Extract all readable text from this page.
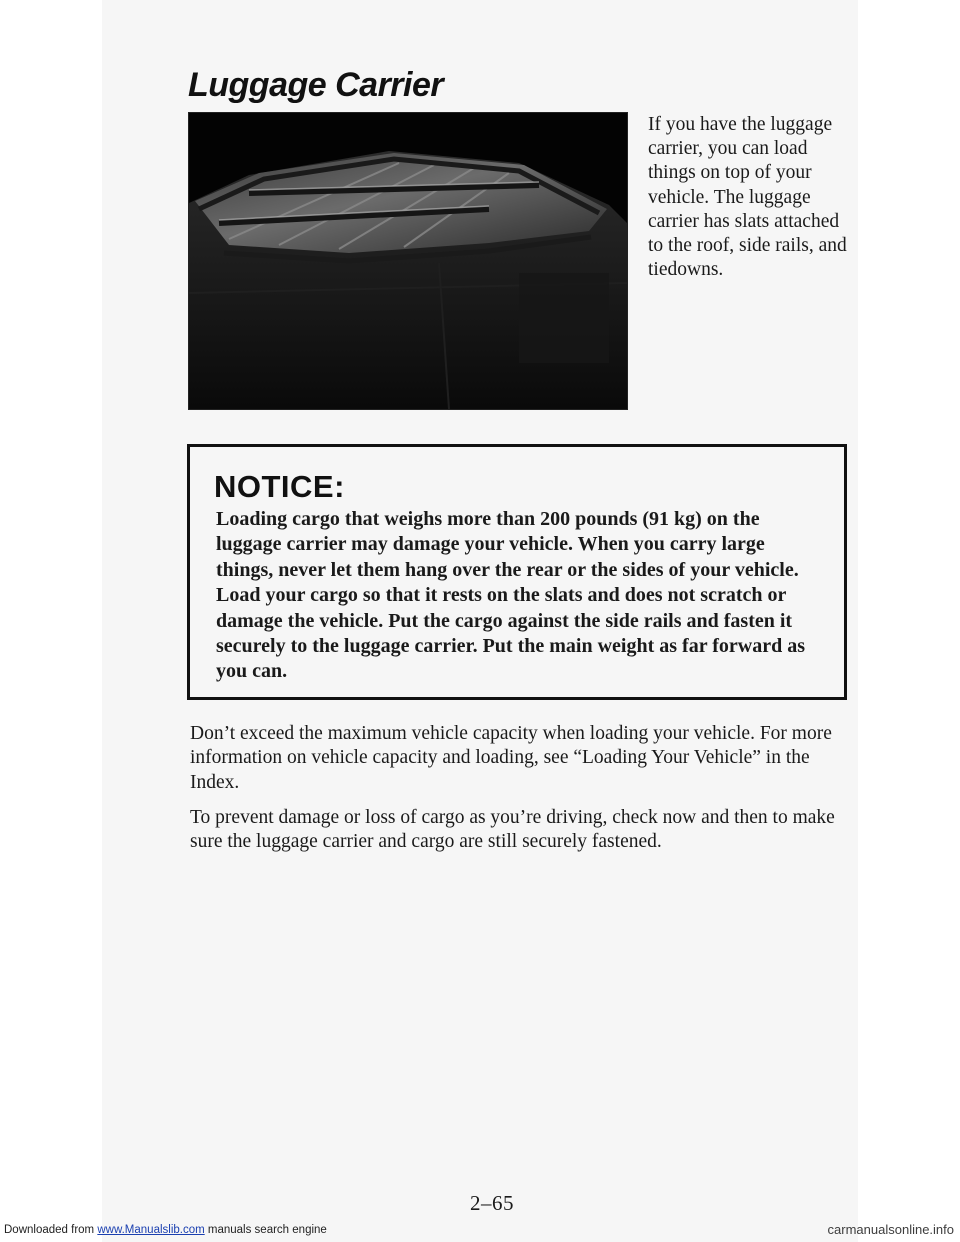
Luggage Carrier

If you have the luggage carrier, you can load things on top of your vehicle. The luggage carrier has slats attached to the roof, side rails, and tiedowns.

NOTICE:

Loading cargo that weighs more than 200 pounds (91 kg) on the luggage carrier may damage your vehicle. When you carry large things, never let them hang over the rear or the sides of your vehicle. Load your cargo so that it rests on the slats and does not scratch or damage the vehicle. Put the cargo against the side rails and fasten it securely to the luggage carrier. Put the main weight as far forward as you can.

Don’t exceed the maximum vehicle capacity when loading your vehicle. For more information on vehicle capacity and loading, see “Loading Your Vehicle” in the Index.

To prevent damage or loss of cargo as you’re driving, check now and then to make sure the luggage carrier and cargo are still securely fastened.

2–65
Downloaded from www.Manualslib.com manuals search engine	carmanualsonline.info
